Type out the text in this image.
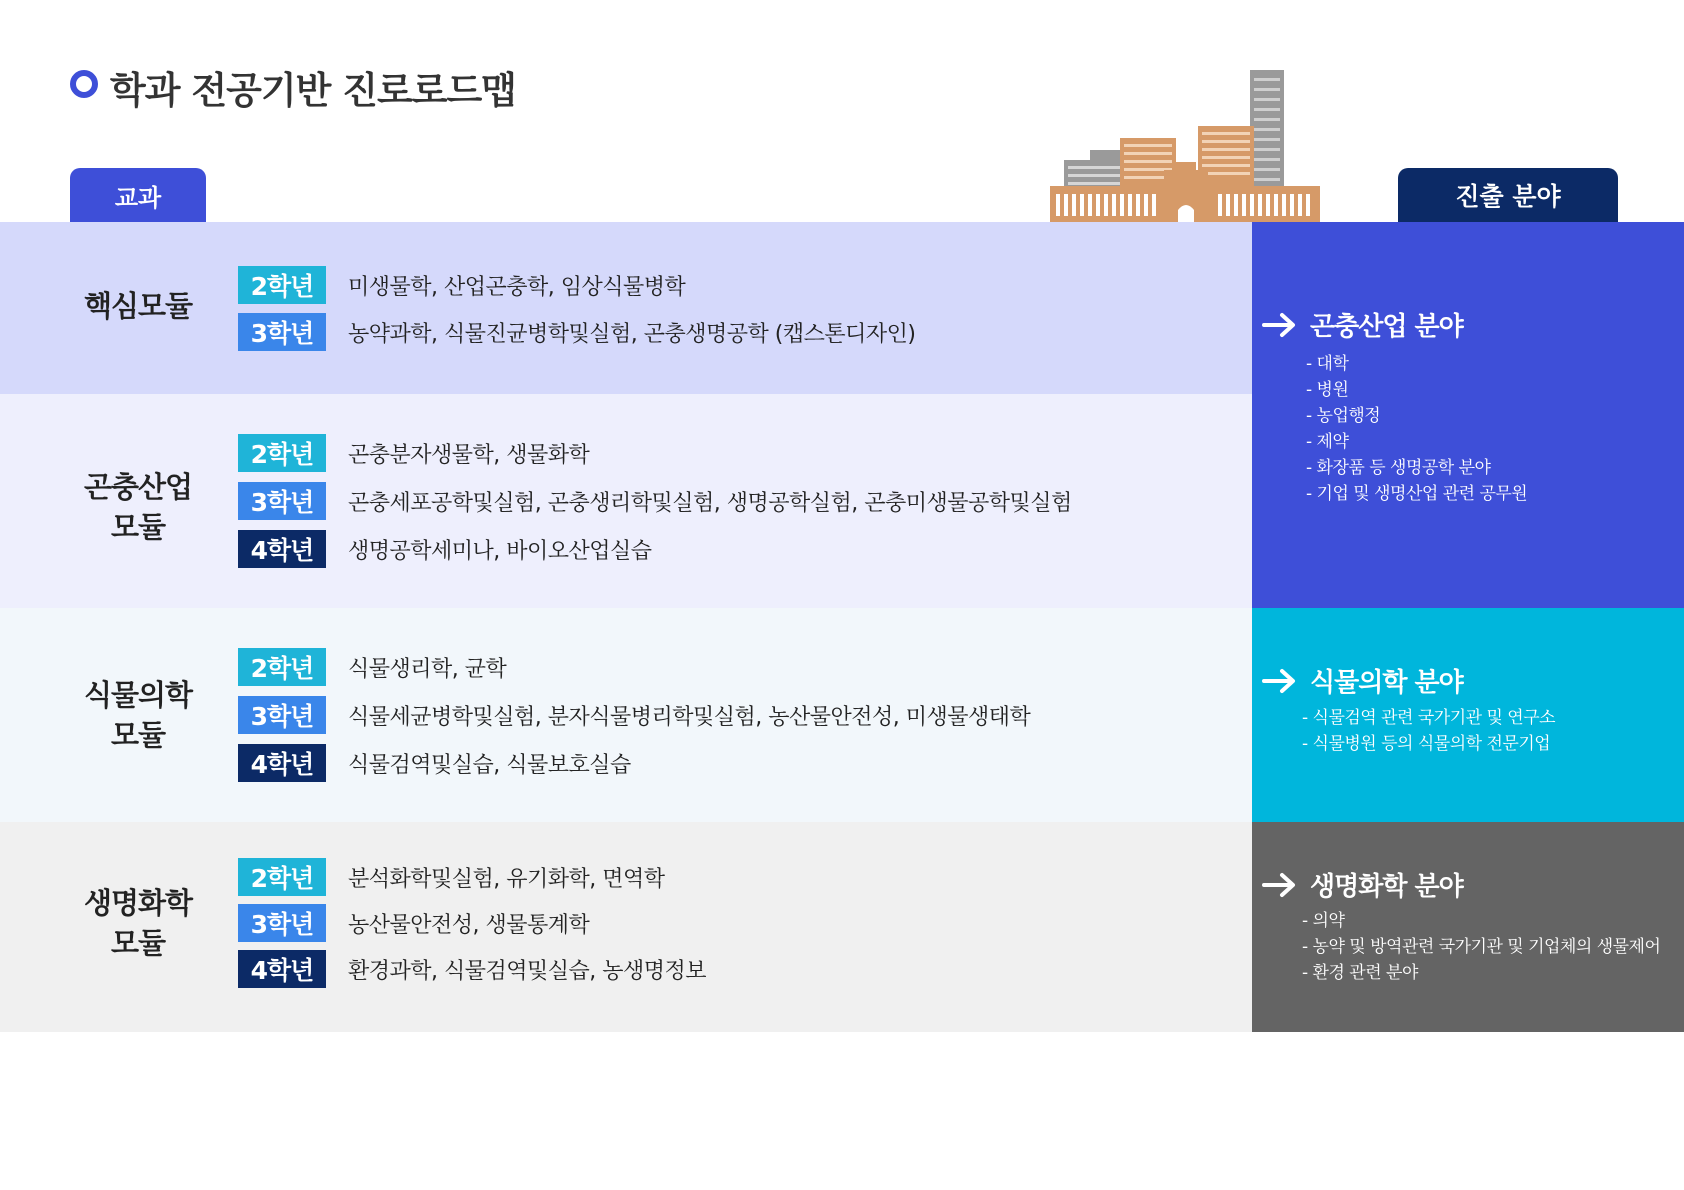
학과 전공기반 진로로드맵
교과	진출 분야
핵심모듈
2학년	미생물학, 산업곤충학, 임상식물병학
3학년	농약과학, 식물진균병학및실험, 곤충생명공학 (캡스톤디자인)
곤충산업
모듈
2학년	곤충분자생물학, 생물화학
3학년	곤충세포공학및실험, 곤충생리학및실험, 생명공학실험, 곤충미생물공학및실험
4학년	생명공학세미나, 바이오산업실습
식물의학
모듈
2학년	식물생리학, 균학
3학년	식물세균병학및실험, 분자식물병리학및실험, 농산물안전성, 미생물생태학
4학년	식물검역및실습, 식물보호실습
생명화학
모듈
2학년	분석화학및실험, 유기화학, 면역학
3학년	농산물안전성, 생물통계학
4학년	환경과학, 식물검역및실습, 농생명정보
곤충산업 분야
- 대학
- 병원
- 농업행정
- 제약
- 화장품 등 생명공학 분야
- 기업 및 생명산업 관련 공무원
식물의학 분야
- 식물검역 관련 국가기관 및 연구소
- 식물병원 등의 식물의학 전문기업
생명화학 분야
- 의약
- 농약 및 방역관련 국가기관 및 기업체의 생물제어
- 환경 관련 분야
